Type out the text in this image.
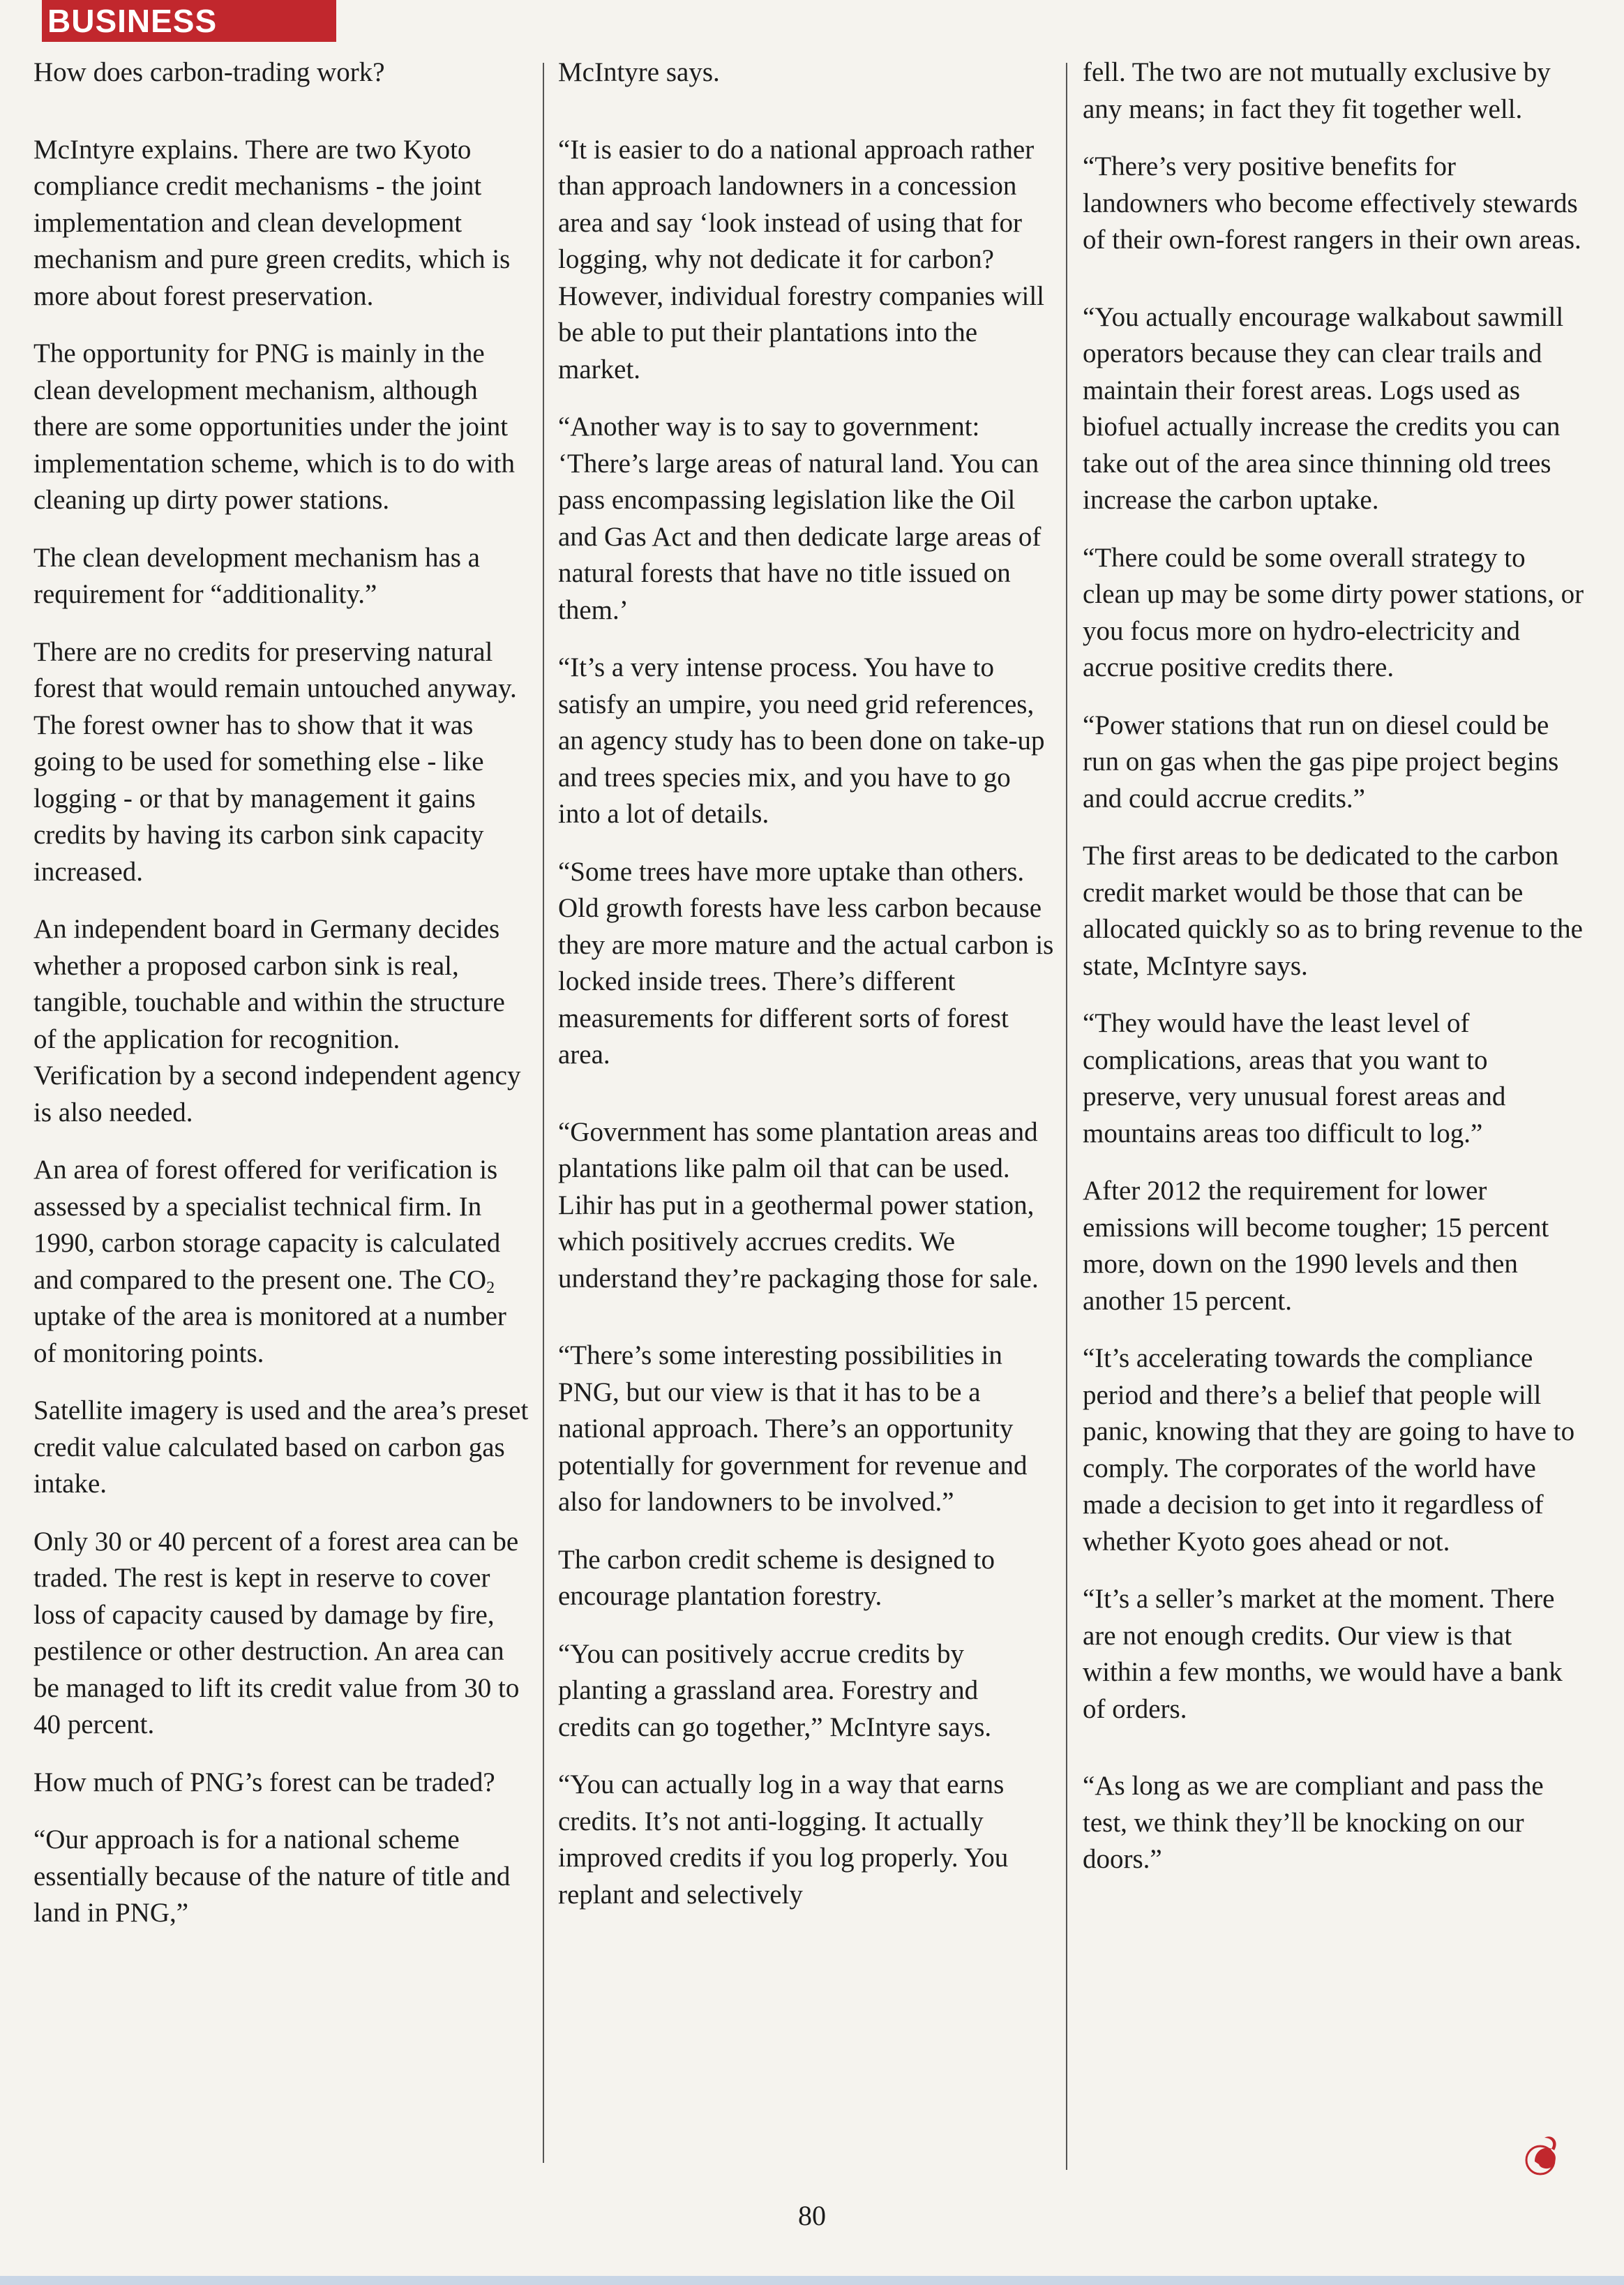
BUSINESS

How does carbon-trading work?

McIntyre explains. There are two Kyoto compliance credit mechanisms - the joint implementation and clean development mechanism and pure green credits, which is more about forest preservation.

The opportunity for PNG is mainly in the clean development mechanism, although there are some opportunities under the joint implementation scheme, which is to do with cleaning up dirty power stations.

The clean development mechanism has a requirement for “additionality.”

There are no credits for preserving natural forest that would remain untouched anyway. The forest owner has to show that it was going to be used for something else - like logging - or that by management it gains credits by having its carbon sink capacity increased.

An independent board in Germany decides whether a proposed carbon sink is real, tangible, touchable and within the structure of the application for recognition. Verification by a second independent agency is also needed.

An area of forest offered for verification is assessed by a specialist technical firm. In 1990, carbon storage capacity is calculated and compared to the present one. The $CO_2$ uptake of the area is monitored at a number of monitoring points.

Satellite imagery is used and the area’s preset credit value calculated based on carbon gas intake.

Only 30 or 40 percent of a forest area can be traded. The rest is kept in reserve to cover loss of capacity caused by damage by fire, pestilence or other destruction. An area can be managed to lift its credit value from 30 to 40 percent.

How much of PNG’s forest can be traded?

“Our approach is for a national scheme essentially because of the nature of title and land in PNG,”

McIntyre says.

“It is easier to do a national approach rather than approach landowners in a concession area and say ‘look instead of using that for logging, why not dedicate it for carbon? However, individual forestry companies will be able to put their plantations into the market.

“Another way is to say to government: ‘There’s large areas of natural land. You can pass encompassing legislation like the Oil and Gas Act and then dedicate large areas of natural forests that have no title issued on them.’

“It’s a very intense process. You have to satisfy an umpire, you need grid references, an agency study has to been done on take-up and trees species mix, and you have to go into a lot of details.

“Some trees have more uptake than others. Old growth forests have less carbon because they are more mature and the actual carbon is locked inside trees. There’s different measurements for different sorts of forest area.

“Government has some plantation areas and plantations like palm oil that can be used. Lihir has put in a geothermal power station, which positively accrues credits. We understand they’re packaging those for sale.

“There’s some interesting possibilities in PNG, but our view is that it has to be a national approach. There’s an opportunity potentially for government for revenue and also for landowners to be involved.”

The carbon credit scheme is designed to encourage plantation forestry.

“You can positively accrue credits by planting a grassland area. Forestry and credits can go together,” McIntyre says.

“You can actually log in a way that earns credits. It’s not anti-logging. It actually improved credits if you log properly. You replant and selectively

fell. The two are not mutually exclusive by any means; in fact they fit together well.

“There’s very positive benefits for landowners who become effectively stewards of their own-forest rangers in their own areas.

“You actually encourage walkabout sawmill operators because they can clear trails and maintain their forest areas. Logs used as biofuel actually increase the credits you can take out of the area since thinning old trees increase the carbon uptake.

“There could be some overall strategy to clean up may be some dirty power stations, or you focus more on hydro-electricity and accrue positive credits there.

“Power stations that run on diesel could be run on gas when the gas pipe project begins and could accrue credits.”

The first areas to be dedicated to the carbon credit market would be those that can be allocated quickly so as to bring revenue to the state, McIntyre says.

“They would have the least level of complications, areas that you want to preserve, very unusual forest areas and mountains areas too difficult to log.”

After 2012 the requirement for lower emissions will become tougher; 15 percent more, down on the 1990 levels and then another 15 percent.

“It’s accelerating towards the compliance period and there’s a belief that people will panic, knowing that they are going to have to comply. The corporates of the world have made a decision to get into it regardless of whether Kyoto goes ahead or not.

“It’s a seller’s market at the moment. There are not enough credits. Our view is that within a few months, we would have a bank of orders.

“As long as we are compliant and pass the test, we think they’ll be knocking on our doors.”

80
